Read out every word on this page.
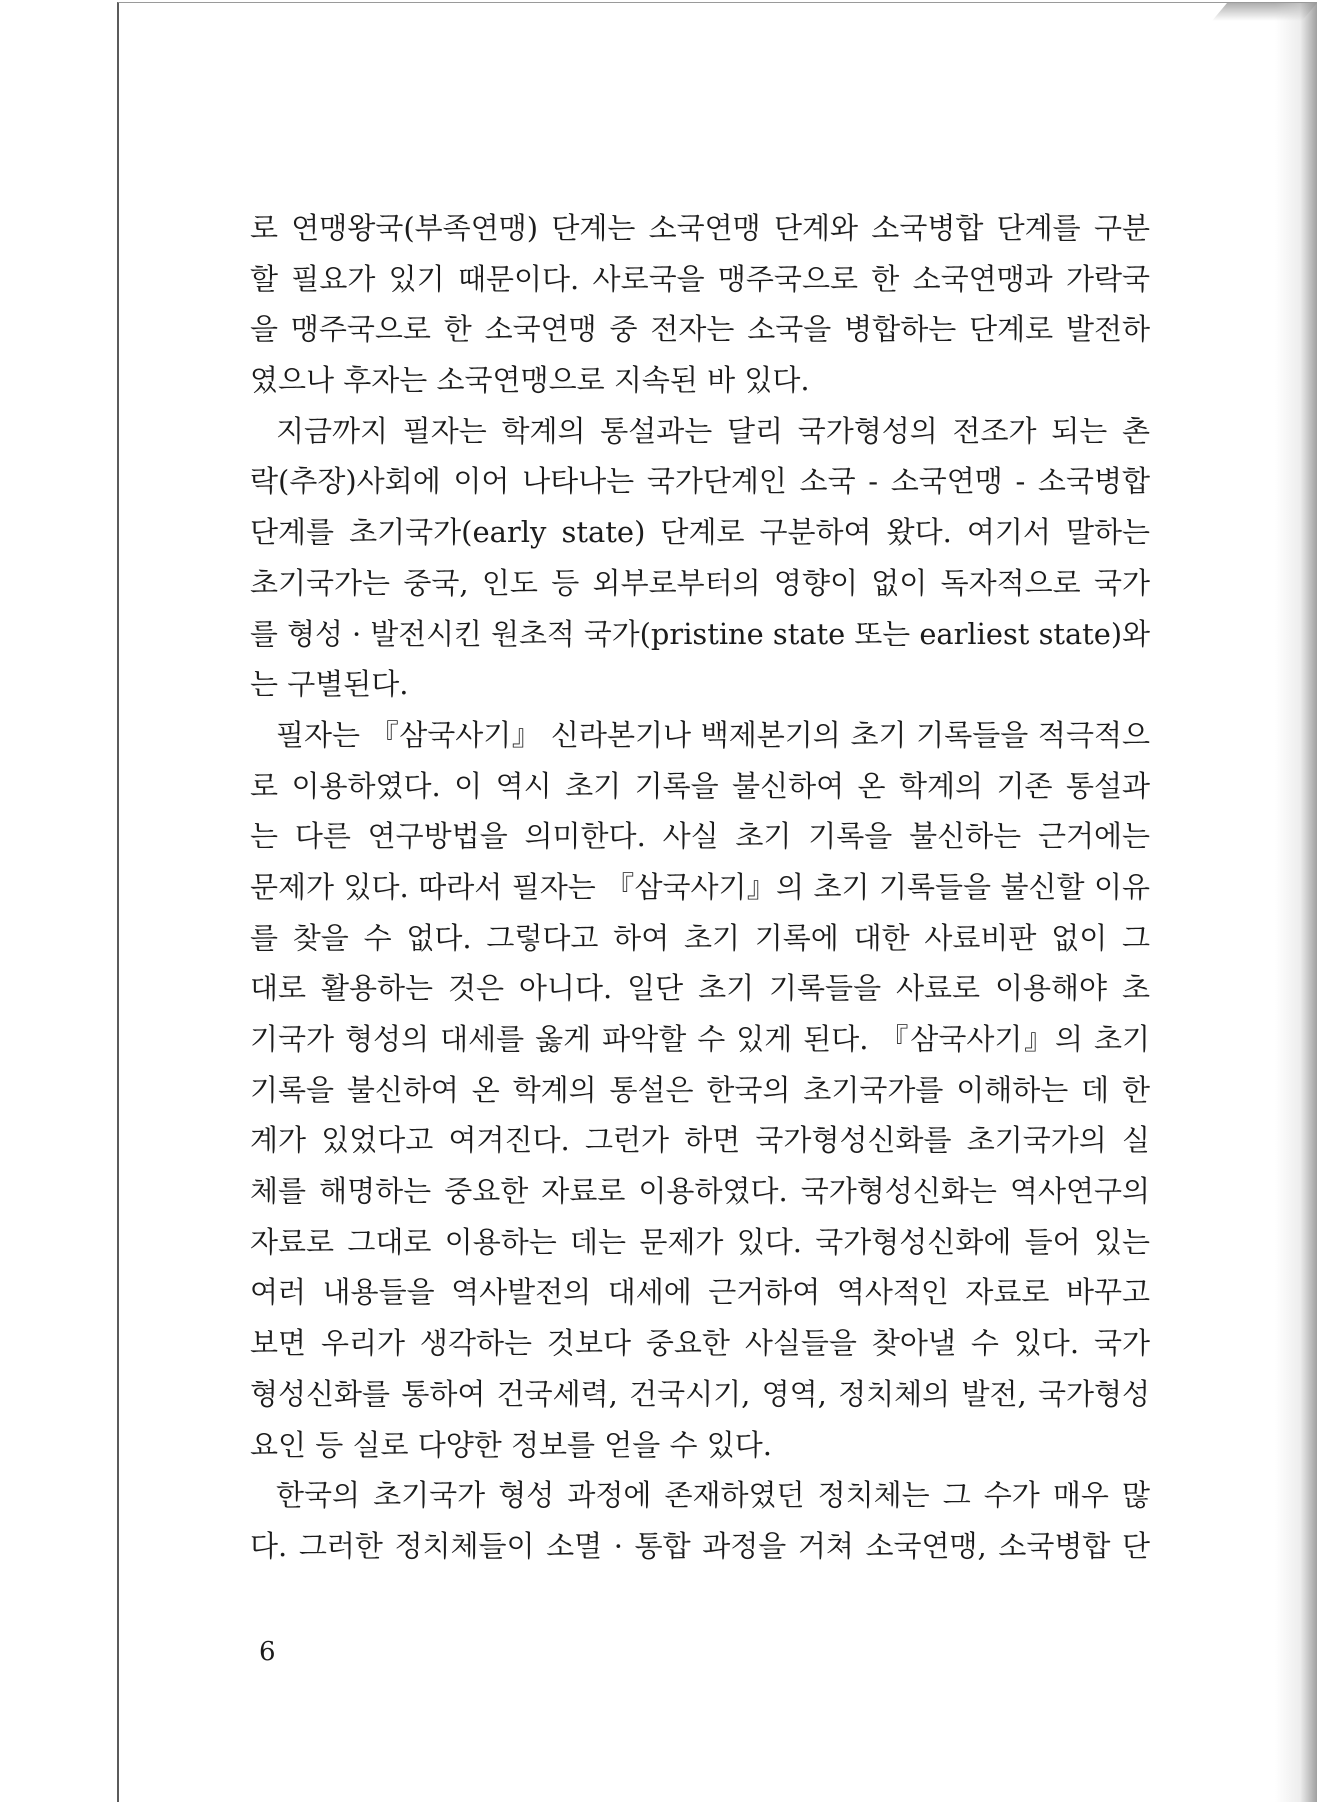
로 연맹왕국(부족연맹) 단계는 소국연맹 단계와 소국병합 단계를 구분
할 필요가 있기 때문이다. 사로국을 맹주국으로 한 소국연맹과 가락국
을 맹주국으로 한 소국연맹 중 전자는 소국을 병합하는 단계로 발전하
였으나 후자는 소국연맹으로 지속된 바 있다.
지금까지 필자는 학계의 통설과는 달리 국가형성의 전조가 되는 촌
락(추장)사회에 이어 나타나는 국가단계인 소국 - 소국연맹 - 소국병합
단계를 초기국가(early state) 단계로 구분하여 왔다. 여기서 말하는
초기국가는 중국, 인도 등 외부로부터의 영향이 없이 독자적으로 국가
를 형성 · 발전시킨 원초적 국가(pristine state 또는 earliest state)와
는 구별된다.
필자는 『삼국사기』 신라본기나 백제본기의 초기 기록들을 적극적으
로 이용하였다. 이 역시 초기 기록을 불신하여 온 학계의 기존 통설과
는 다른 연구방법을 의미한다. 사실 초기 기록을 불신하는 근거에는
문제가 있다. 따라서 필자는 『삼국사기』의 초기 기록들을 불신할 이유
를 찾을 수 없다. 그렇다고 하여 초기 기록에 대한 사료비판 없이 그
대로 활용하는 것은 아니다. 일단 초기 기록들을 사료로 이용해야 초
기국가 형성의 대세를 옳게 파악할 수 있게 된다. 『삼국사기』의 초기
기록을 불신하여 온 학계의 통설은 한국의 초기국가를 이해하는 데 한
계가 있었다고 여겨진다. 그런가 하면 국가형성신화를 초기국가의 실
체를 해명하는 중요한 자료로 이용하였다. 국가형성신화는 역사연구의
자료로 그대로 이용하는 데는 문제가 있다. 국가형성신화에 들어 있는
여러 내용들을 역사발전의 대세에 근거하여 역사적인 자료로 바꾸고
보면 우리가 생각하는 것보다 중요한 사실들을 찾아낼 수 있다. 국가
형성신화를 통하여 건국세력, 건국시기, 영역, 정치체의 발전, 국가형성
요인 등 실로 다양한 정보를 얻을 수 있다.
한국의 초기국가 형성 과정에 존재하였던 정치체는 그 수가 매우 많
다. 그러한 정치체들이 소멸 · 통합 과정을 거쳐 소국연맹, 소국병합 단
6
